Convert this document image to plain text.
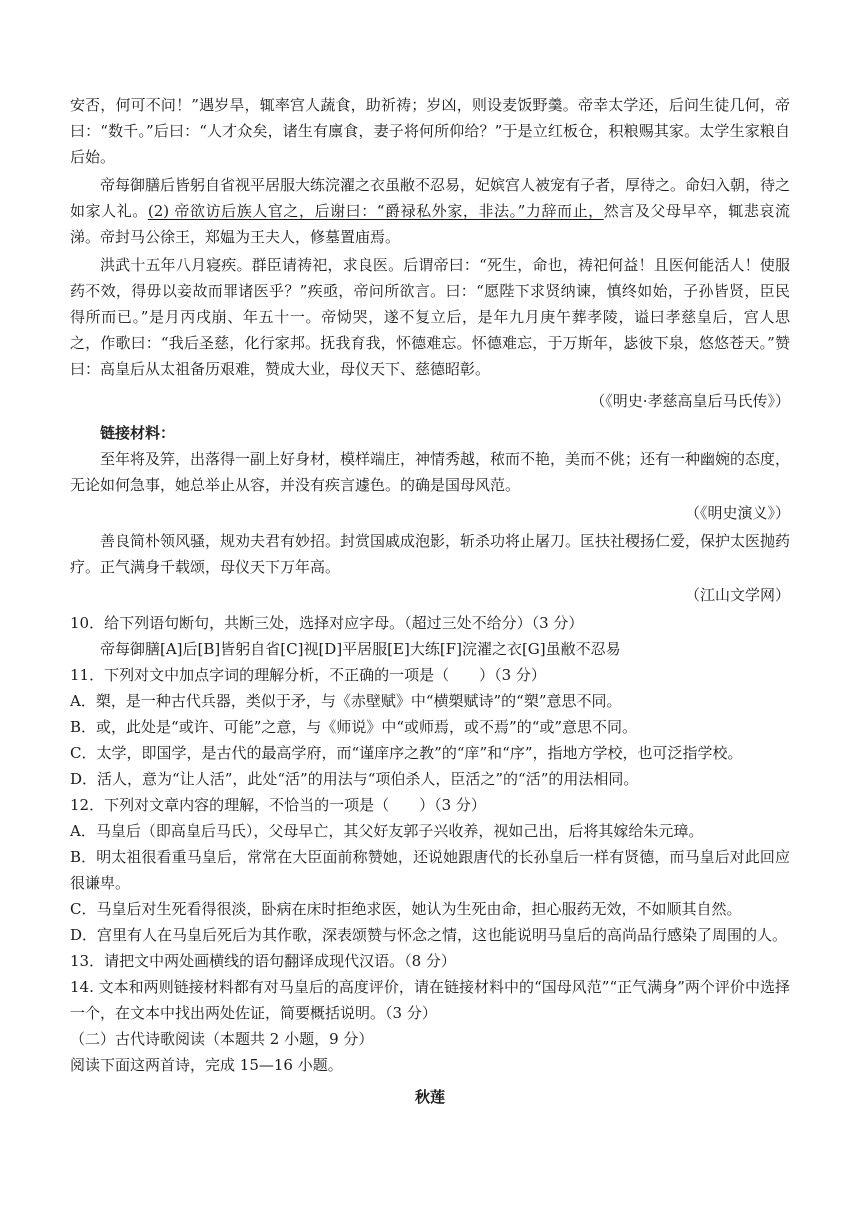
安否，何可不问！”遇岁旱，辄率宫人蔬食，助祈祷；岁凶，则设麦饭野羹。帝幸太学还，后问生徒几何，帝曰：“数千。”后曰：“人才众矣，诸生有廪食，妻子将何所仰给？”于是立红板仓，积粮赐其家。太学生家粮自后始。

帝每御膳后皆躬自省视平居服大练浣濯之衣虽敝不忍易，妃嫔宫人被宠有子者，厚待之。命妇入朝，待之如家人礼。(2) 帝欲访后族人官之，后谢曰：“爵禄私外家，非法。”力辞而止，然言及父母早卒，辄悲哀流涕。帝封马公徐王，郑媪为王夫人，修墓置庙焉。

洪武十五年八月寝疾。群臣请祷祀，求良医。后谓帝曰：“死生，命也，祷祀何益！且医何能活人！使服药不效，得毋以妾故而罪诸医乎？”疾亟，帝问所欲言。曰：“愿陛下求贤纳谏，慎终如始，子孙皆贤，臣民得所而已。”是月丙戌崩、年五十一。帝恸哭，遂不复立后，是年九月庚午葬孝陵，谥曰孝慈皇后，宫人思之，作歌曰：“我后圣慈，化行家邦。抚我育我，怀德难忘。怀德难忘，于万斯年，毖彼下泉，悠悠苍天。”赞曰：高皇后从太祖备历艰难，赞成大业，母仪天下、慈德昭彰。

（《明史·孝慈高皇后马氏传》）

链接材料：

至年将及笄，出落得一副上好身材，模样端庄，神情秀越，秾而不艳，美而不佻；还有一种幽婉的态度，无论如何急事，她总举止从容，并没有疾言遽色。的确是国母风范。

（《明史演义》）

善良简朴领风骚，规劝夫君有妙招。封赏国戚成泡影，斩杀功将止屠刀。匡扶社稷扬仁爱，保护太医抛药疗。正气满身千载颂，母仪天下万年高。

（江山文学网）

10．给下列语句断句，共断三处，选择对应字母。（超过三处不给分）（3 分）

帝每御膳[A]后[B]皆躬自省[C]视[D]平居服[E]大练[F]浣濯之衣[G]虽敝不忍易

11．下列对文中加点字词的理解分析，不正确的一项是（　　）（3 分）

A．槊，是一种古代兵器，类似于矛，与《赤壁赋》中“横槊赋诗”的“槊”意思不同。

B．或，此处是“或许、可能”之意，与《师说》中“或师焉，或不焉”的“或”意思不同。

C．太学，即国学，是古代的最高学府，而“谨庠序之教”的“庠”和“序”，指地方学校，也可泛指学校。

D．活人，意为“让人活”，此处“活”的用法与“项伯杀人，臣活之”的“活”的用法相同。

12．下列对文章内容的理解，不恰当的一项是（　　）（3 分）

A．马皇后（即高皇后马氏），父母早亡，其父好友郭子兴收养，视如己出，后将其嫁给朱元璋。

B．明太祖很看重马皇后，常常在大臣面前称赞她，还说她跟唐代的长孙皇后一样有贤德，而马皇后对此回应很谦卑。

C．马皇后对生死看得很淡，卧病在床时拒绝求医，她认为生死由命，担心服药无效，不如顺其自然。

D．宫里有人在马皇后死后为其作歌，深表颂赞与怀念之情，这也能说明马皇后的高尚品行感染了周围的人。

13．请把文中两处画横线的语句翻译成现代汉语。（8 分）

14. 文本和两则链接材料都有对马皇后的高度评价，请在链接材料中的“国母风范”“正气满身”两个评价中选择一个，在文本中找出两处佐证，简要概括说明。（3 分）

（二）古代诗歌阅读（本题共 2 小题，9 分）

阅读下面这两首诗，完成 15—16 小题。

秋莲
